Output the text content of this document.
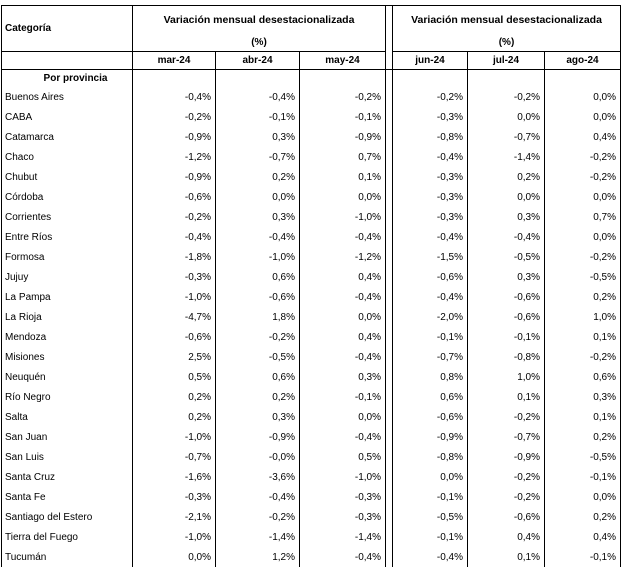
Categoría	Variación mensual desestacionalizada				Variación mensual desestacionalizada		
	(%)				(%)		
	mar-24	abr-24	may-24		jun-24	jul-24	ago-24
Por provincia							
Buenos Aires	-0,4%	-0,4%	-0,2%		-0,2%	-0,2%	0,0%
CABA	-0,2%	-0,1%	-0,1%		-0,3%	0,0%	0,0%
Catamarca	-0,9%	0,3%	-0,9%		-0,8%	-0,7%	0,4%
Chaco	-1,2%	-0,7%	0,7%		-0,4%	-1,4%	-0,2%
Chubut	-0,9%	0,2%	0,1%		-0,3%	0,2%	-0,2%
Córdoba	-0,6%	0,0%	0,0%		-0,3%	0,0%	0,0%
Corrientes	-0,2%	0,3%	-1,0%		-0,3%	0,3%	0,7%
Entre Ríos	-0,4%	-0,4%	-0,4%		-0,4%	-0,4%	0,0%
Formosa	-1,8%	-1,0%	-1,2%		-1,5%	-0,5%	-0,2%
Jujuy	-0,3%	0,6%	0,4%		-0,6%	0,3%	-0,5%
La Pampa	-1,0%	-0,6%	-0,4%		-0,4%	-0,6%	0,2%
La Rioja	-4,7%	1,8%	0,0%		-2,0%	-0,6%	1,0%
Mendoza	-0,6%	-0,2%	0,4%		-0,1%	-0,1%	0,1%
Misiones	2,5%	-0,5%	-0,4%		-0,7%	-0,8%	-0,2%
Neuquén	0,5%	0,6%	0,3%		0,8%	1,0%	0,6%
Río Negro	0,2%	0,2%	-0,1%		0,6%	0,1%	0,3%
Salta	0,2%	0,3%	0,0%		-0,6%	-0,2%	0,1%
San Juan	-1,0%	-0,9%	-0,4%		-0,9%	-0,7%	0,2%
San Luis	-0,7%	-0,0%	0,5%		-0,8%	-0,9%	-0,5%
Santa Cruz	-1,6%	-3,6%	-1,0%		0,0%	-0,2%	-0,1%
Santa Fe	-0,3%	-0,4%	-0,3%		-0,1%	-0,2%	0,0%
Santiago del Estero	-2,1%	-0,2%	-0,3%		-0,5%	-0,6%	0,2%
Tierra del Fuego	-1,0%	-1,4%	-1,4%		-0,1%	0,4%	0,4%
Tucumán	0,0%	1,2%	-0,4%		-0,4%	0,1%	-0,1%
